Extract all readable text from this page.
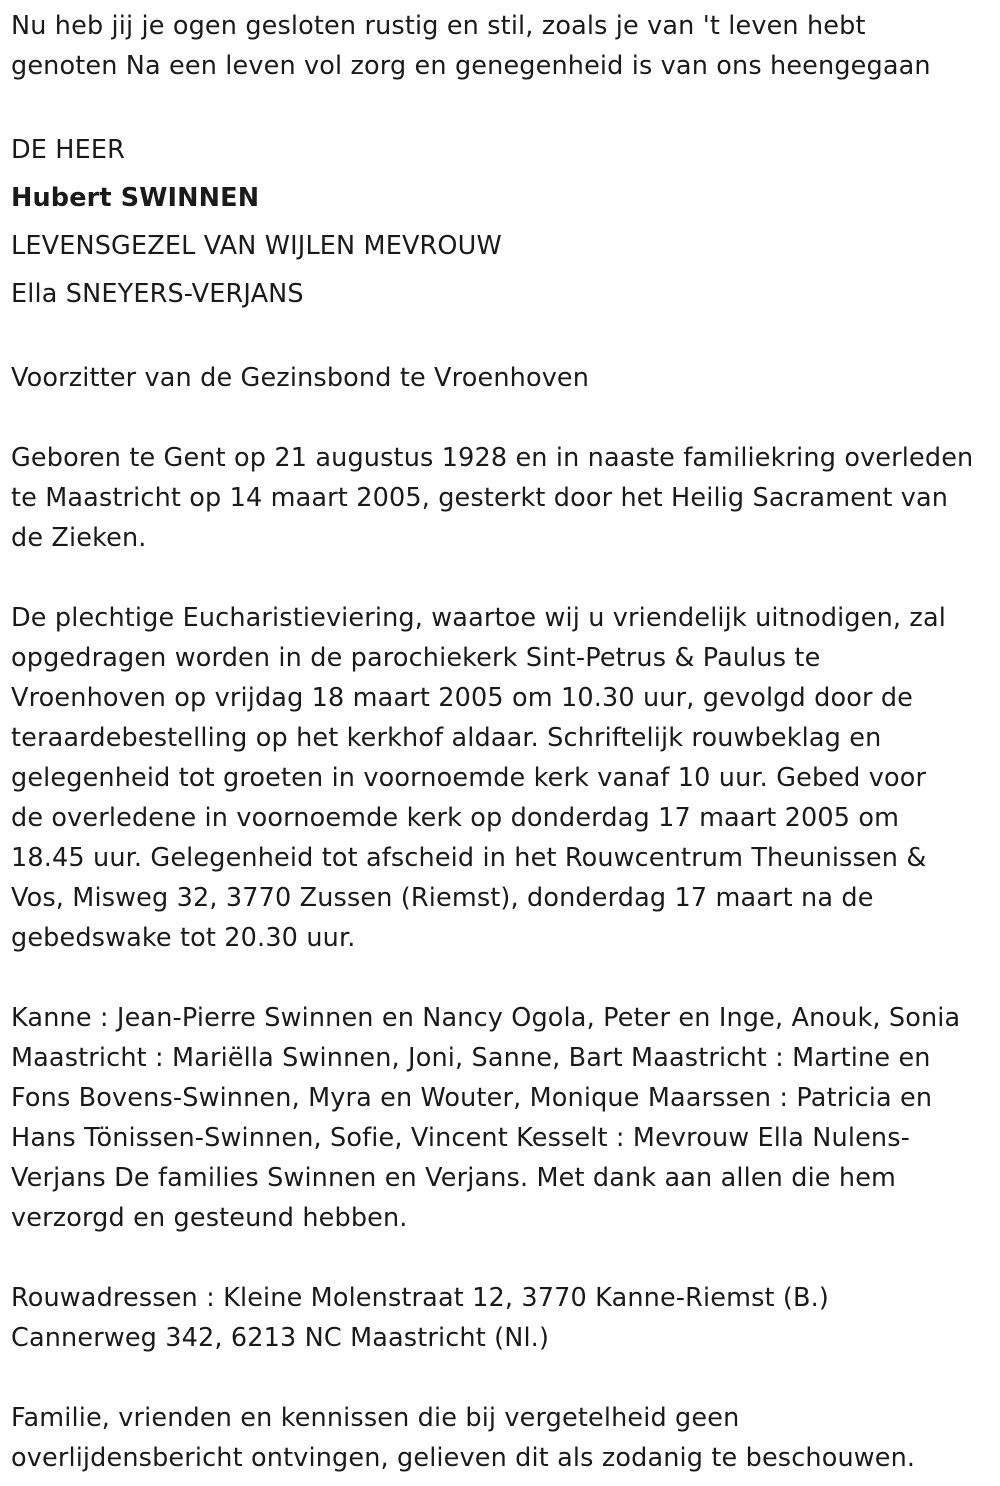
Nu heb jij je ogen gesloten rustig en stil, zoals je van 't leven hebt
genoten Na een leven vol zorg en genegenheid is van ons heengegaan

DE HEER
Hubert SWINNEN
LEVENSGEZEL VAN WIJLEN MEVROUW
Ella SNEYERS-VERJANS

Voorzitter van de Gezinsbond te Vroenhoven

Geboren te Gent op 21 augustus 1928 en in naaste familiekring overleden
te Maastricht op 14 maart 2005, gesterkt door het Heilig Sacrament van
de Zieken.

De plechtige Eucharistieviering, waartoe wij u vriendelijk uitnodigen, zal
opgedragen worden in de parochiekerk Sint-Petrus & Paulus te
Vroenhoven op vrijdag 18 maart 2005 om 10.30 uur, gevolgd door de
teraardebestelling op het kerkhof aldaar. Schriftelijk rouwbeklag en
gelegenheid tot groeten in voornoemde kerk vanaf 10 uur. Gebed voor
de overledene in voornoemde kerk op donderdag 17 maart 2005 om
18.45 uur. Gelegenheid tot afscheid in het Rouwcentrum Theunissen &
Vos, Misweg 32, 3770 Zussen (Riemst), donderdag 17 maart na de
gebedswake tot 20.30 uur.

Kanne : Jean-Pierre Swinnen en Nancy Ogola, Peter en Inge, Anouk, Sonia
Maastricht : Mariëlla Swinnen, Joni, Sanne, Bart Maastricht : Martine en
Fons Bovens-Swinnen, Myra en Wouter, Monique Maarssen : Patricia en
Hans Tönissen-Swinnen, Sofie, Vincent Kesselt : Mevrouw Ella Nulens-
Verjans De families Swinnen en Verjans. Met dank aan allen die hem
verzorgd en gesteund hebben.

Rouwadressen : Kleine Molenstraat 12, 3770 Kanne-Riemst (B.)
Cannerweg 342, 6213 NC Maastricht (Nl.)

Familie, vrienden en kennissen die bij vergetelheid geen
overlijdensbericht ontvingen, gelieven dit als zodanig te beschouwen.
